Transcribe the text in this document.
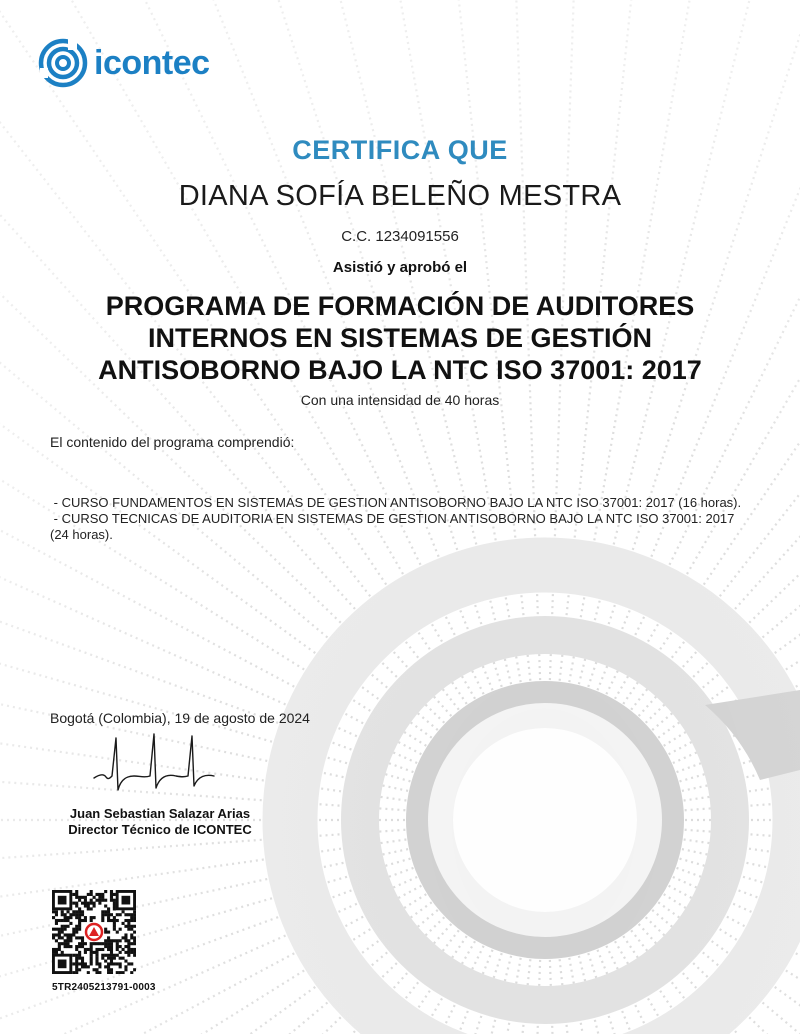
icontec
CERTIFICA QUE
DIANA SOFÍA BELEÑO MESTRA
C.C. 1234091556
Asistió y aprobó el
PROGRAMA DE FORMACIÓN DE AUDITORES
INTERNOS EN SISTEMAS DE GESTIÓN
ANTISOBORNO BAJO LA NTC ISO 37001: 2017
Con una intensidad de 40 horas
El contenido del programa comprendió:
- CURSO FUNDAMENTOS EN SISTEMAS DE GESTION ANTISOBORNO BAJO LA NTC ISO 37001: 2017 (16 horas).
- CURSO TECNICAS DE AUDITORIA EN SISTEMAS DE GESTION ANTISOBORNO BAJO LA NTC ISO 37001: 2017 (24 horas).
Bogotá (Colombia), 19 de agosto de 2024
Juan Sebastian Salazar Arias
Director Técnico de ICONTEC
5TR2405213791-0003
